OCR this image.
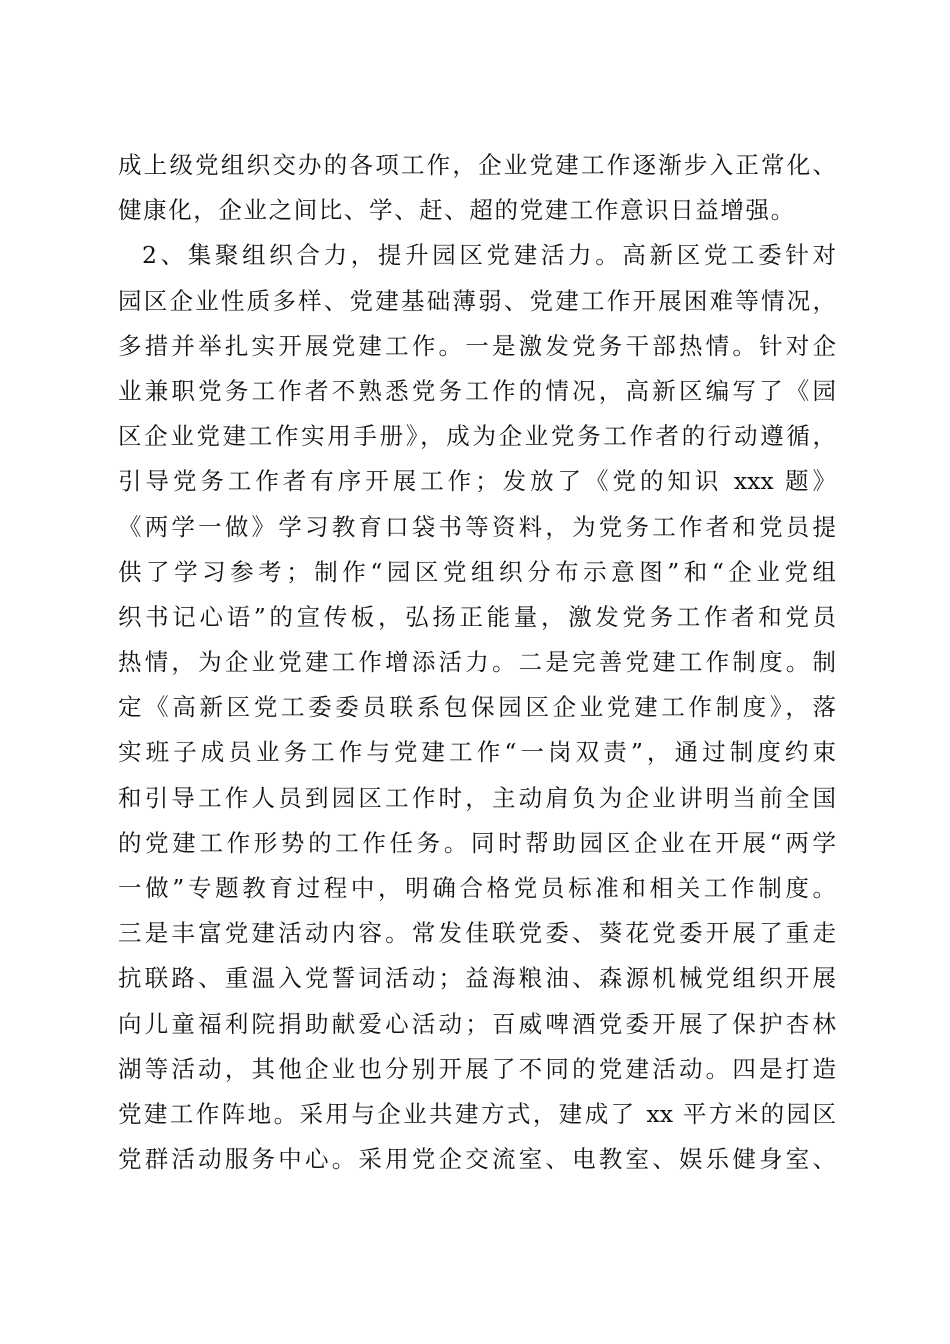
成上级党组织交办的各项工作，企业党建工作逐渐步入正常化、
健康化，企业之间比、学、赶、超的党建工作意识日益增强。
2、集聚组织合力，提升园区党建活力。高新区党工委针对
园区企业性质多样、党建基础薄弱、党建工作开展困难等情况，
多措并举扎实开展党建工作。一是激发党务干部热情。针对企
业兼职党务工作者不熟悉党务工作的情况，高新区编写了《园
区企业党建工作实用手册》，成为企业党务工作者的行动遵循，
引导党务工作者有序开展工作；发放了《党的知识 xxx 题》
《两学一做》学习教育口袋书等资料，为党务工作者和党员提
供了学习参考；制作“园区党组织分布示意图”和“企业党组
织书记心语”的宣传板，弘扬正能量，激发党务工作者和党员
热情，为企业党建工作增添活力。二是完善党建工作制度。制
定《高新区党工委委员联系包保园区企业党建工作制度》，落
实班子成员业务工作与党建工作“一岗双责”，通过制度约束
和引导工作人员到园区工作时，主动肩负为企业讲明当前全国
的党建工作形势的工作任务。同时帮助园区企业在开展“两学
一做”专题教育过程中，明确合格党员标准和相关工作制度。
三是丰富党建活动内容。常发佳联党委、葵花党委开展了重走
抗联路、重温入党誓词活动；益海粮油、森源机械党组织开展
向儿童福利院捐助献爱心活动；百威啤酒党委开展了保护杏林
湖等活动，其他企业也分别开展了不同的党建活动。四是打造
党建工作阵地。采用与企业共建方式，建成了 xx 平方米的园区
党群活动服务中心。采用党企交流室、电教室、娱乐健身室、
